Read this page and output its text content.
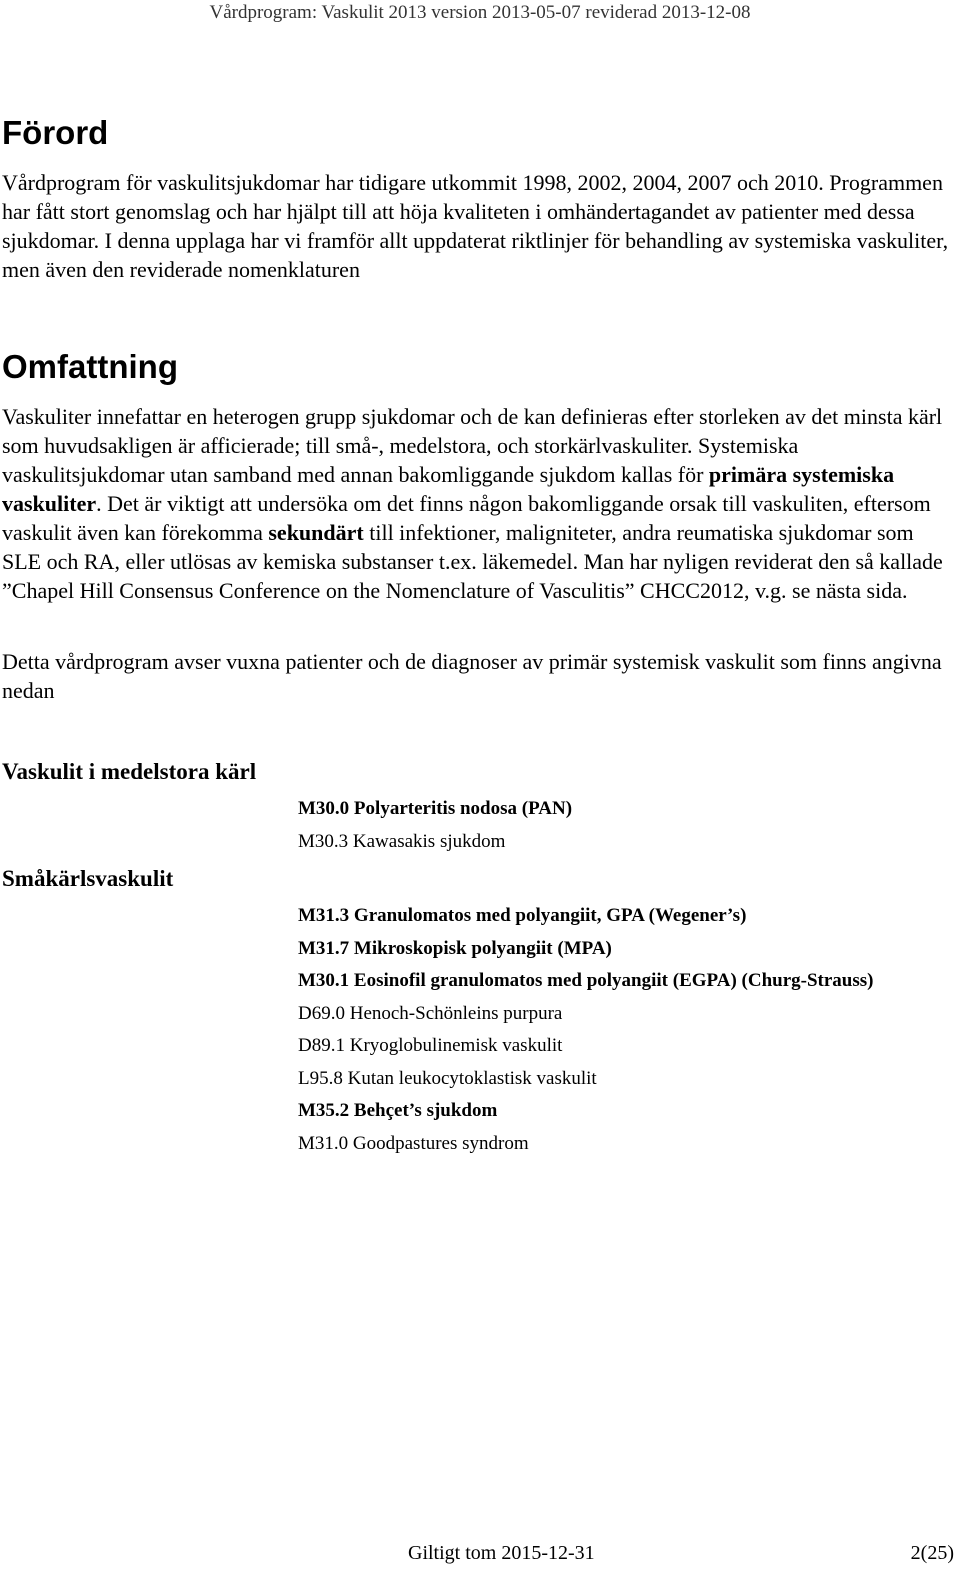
Vårdprogram: Vaskulit 2013 version 2013-05-07 reviderad 2013-12-08
Förord

Vårdprogram för vaskulitsjukdomar har tidigare utkommit 1998, 2002, 2004, 2007 och 2010. Programmen har fått stort genomslag och har hjälpt till att höja kvaliteten i omhändertagandet av patienter med dessa sjukdomar. I denna upplaga har vi framför allt uppdaterat riktlinjer för behandling av systemiska vaskuliter, men även den reviderade nomenklaturen

Omfattning

Vaskuliter innefattar en heterogen grupp sjukdomar och de kan definieras efter storleken av det minsta kärl som huvudsakligen är afficierade; till små-, medelstora, och storkärlvaskuliter. Systemiska vaskulitsjukdomar utan samband med annan bakomliggande sjukdom kallas för primära systemiska vaskuliter. Det är viktigt att undersöka om det finns någon bakomliggande orsak till vaskuliten, eftersom vaskulit även kan förekomma sekundärt till infektioner, maligniteter, andra reumatiska sjukdomar som SLE och RA, eller utlösas av kemiska substanser t.ex. läkemedel. Man har nyligen reviderat den så kallade ”Chapel Hill Consensus Conference on the Nomenclature of Vasculitis” CHCC2012, v.g. se nästa sida.

Detta vårdprogram avser vuxna patienter och de diagnoser av primär systemisk vaskulit som finns angivna nedan

Vaskulit i medelstora kärl
M30.0 Polyarteritis nodosa (PAN)
M30.3 Kawasakis sjukdom
Småkärlsvaskulit
M31.3 Granulomatos med polyangiit, GPA (Wegener’s)
M31.7 Mikroskopisk polyangiit (MPA)
M30.1 Eosinofil granulomatos med polyangiit (EGPA) (Churg-Strauss)
D69.0 Henoch-Schönleins purpura
D89.1 Kryoglobulinemisk vaskulit
L95.8 Kutan leukocytoklastisk vaskulit
M35.2 Behçet’s sjukdom
M31.0 Goodpastures syndrom
Giltigt tom 2015-12-31	2(25)
